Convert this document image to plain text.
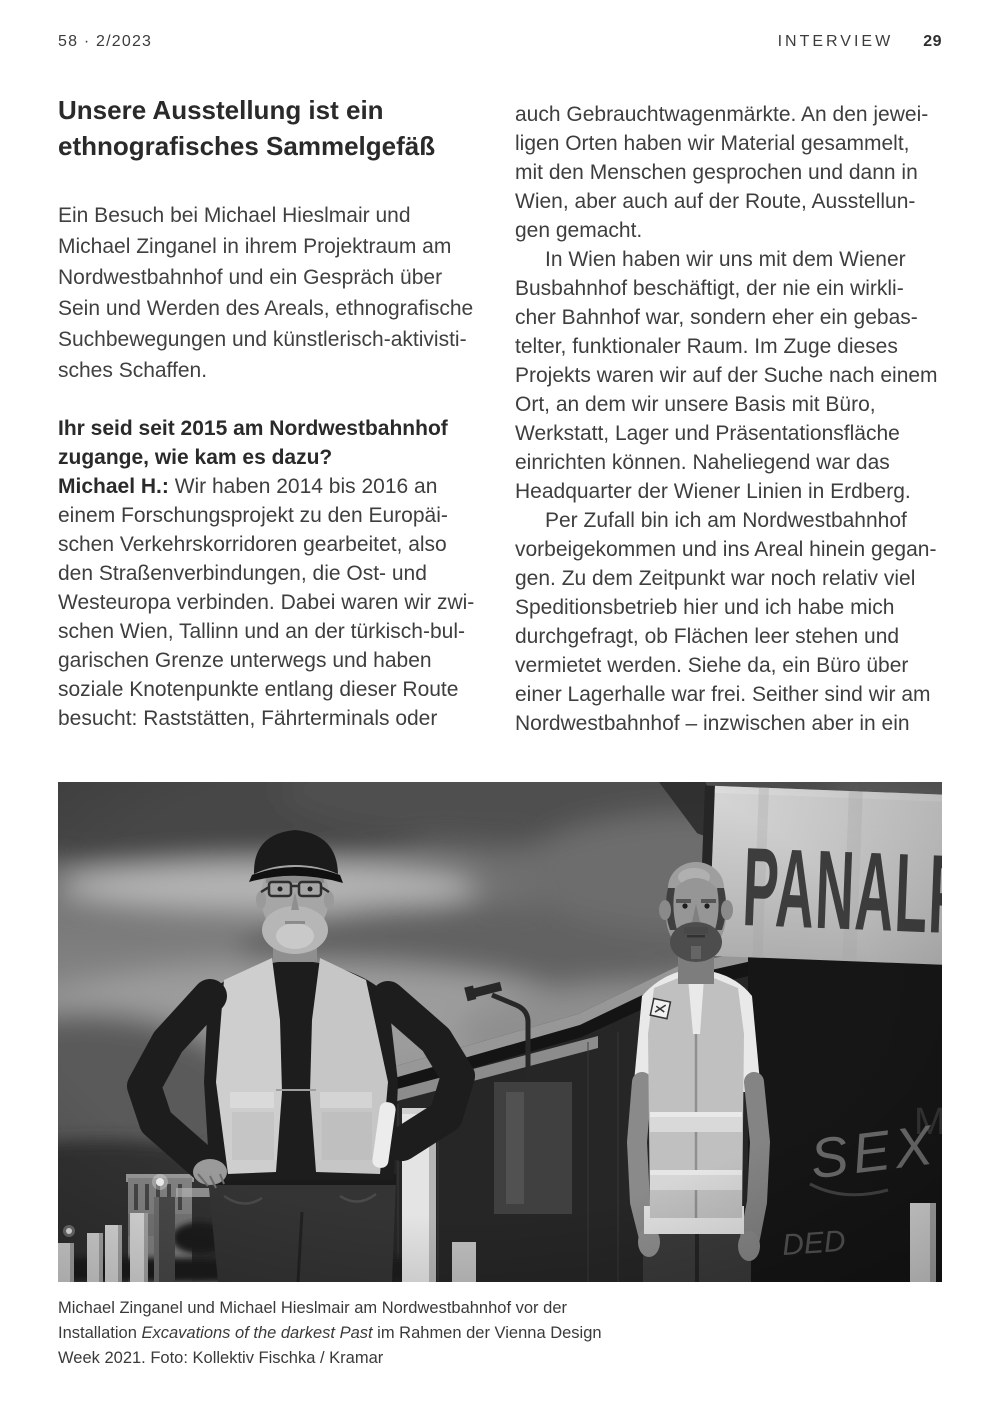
58 · 2/2023	INTERVIEW 29
Unsere Ausstellung ist ein
ethnografisches Sammelgefäß
Ein Besuch bei Michael Hieslmair und
Michael Zinganel in ihrem Projektraum am
Nordwestbahnhof und ein Gespräch über
Sein und Werden des Areals, ethnografische
Suchbewegungen und künstlerisch-aktivisti-
sches Schaffen.
Ihr seid seit 2015 am Nordwestbahnhof
zugange, wie kam es dazu?
Michael H.: Wir haben 2014 bis 2016 an
einem Forschungsprojekt zu den Europäi-
schen Verkehrskorridoren gearbeitet, also
den Straßenverbindungen, die Ost- und
Westeuropa verbinden. Dabei waren wir zwi-
schen Wien, Tallinn und an der türkisch-bul-
garischen Grenze unterwegs und haben
soziale Knotenpunkte entlang dieser Route
besucht: Raststätten, Fährterminals oder
auch Gebrauchtwagenmärkte. An den jewei-
ligen Orten haben wir Material gesammelt,
mit den Menschen gesprochen und dann in
Wien, aber auch auf der Route, Ausstellun-
gen gemacht.
In Wien haben wir uns mit dem Wiener
Busbahnhof beschäftigt, der nie ein wirkli-
cher Bahnhof war, sondern eher ein gebas-
telter, funktionaler Raum. Im Zuge dieses
Projekts waren wir auf der Suche nach einem
Ort, an dem wir unsere Basis mit Büro,
Werkstatt, Lager und Präsentationsfläche
einrichten können. Naheliegend war das
Headquarter der Wiener Linien in Erdberg.
Per Zufall bin ich am Nordwestbahnhof
vorbeigekommen und ins Areal hinein gegan-
gen. Zu dem Zeitpunkt war noch relativ viel
Speditionsbetrieb hier und ich habe mich
durchgefragt, ob Flächen leer stehen und
vermietet werden. Siehe da, ein Büro über
einer Lagerhalle war frei. Seither sind wir am
Nordwestbahnhof – inzwischen aber in ein
Michael Zinganel und Michael Hieslmair am Nordwestbahnhof vor der
Installation Excavations of the darkest Past im Rahmen der Vienna Design
Week 2021. Foto: Kollektiv Fischka / Kramar
